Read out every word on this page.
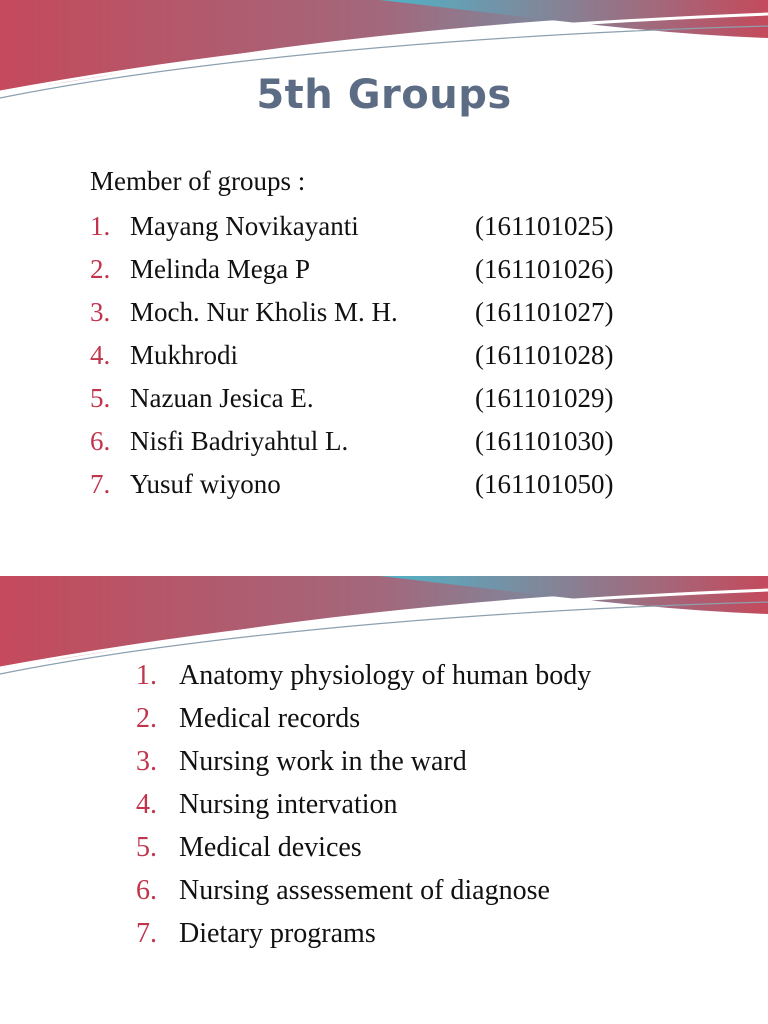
5th Groups
Member of groups :
1. Mayang Novikayanti	(161101025)
2. Melinda Mega P	(161101026)
3. Moch. Nur Kholis M. H.	(161101027)
4. Mukhrodi	(161101028)
5. Nazuan Jesica E.	(161101029)
6. Nisfi Badriyahtul L.	(161101030)
7. Yusuf wiyono	(161101050)
1. Anatomy physiology of human body
2. Medical records
3. Nursing work in the ward
4. Nursing intervation
5. Medical devices
6. Nursing assessement of diagnose
7. Dietary programs
